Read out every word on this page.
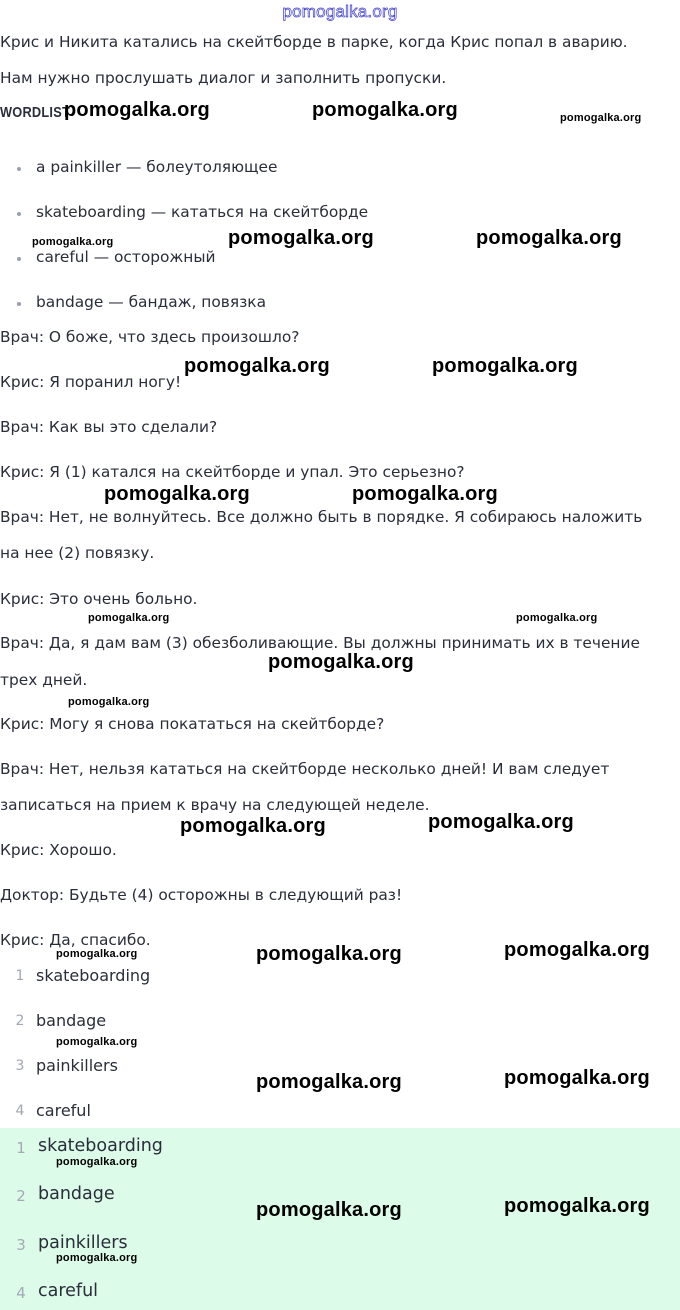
pomogalka.org

Крис и Никита катались на скейтборде в парке, когда Крис попал в аварию.

Нам нужно прослушать диалог и заполнить пропуски.

WORDLIST
a painkiller — болеутоляющее
skateboarding — кататься на скейтборде
careful — осторожный
bandage — бандаж, повязка

Врач: О боже, что здесь произошло?

Крис: Я поранил ногу!

Врач: Как вы это сделали?

Крис: Я (1) катался на скейтборде и упал. Это серьезно?

Врач: Нет, не волнуйтесь. Все должно быть в порядке. Я собираюсь наложить

на нее (2) повязку.

Крис: Это очень больно.

Врач: Да, я дам вам (3) обезболивающие. Вы должны принимать их в течение

трех дней.

Крис: Могу я снова покататься на скейтборде?

Врач: Нет, нельзя кататься на скейтборде несколько дней! И вам следует

записаться на прием к врачу на следующей неделе.

Крис: Хорошо.

Доктор: Будьте (4) осторожны в следующий раз!

Крис: Да, спасибо.

1 skateboarding
2 bandage
3 painkillers
4 careful
1 skateboarding
2 bandage
3 painkillers
4 careful
pomogalka.org	pomogalka.org	pomogalka.org
pomogalka.org	pomogalka.org	pomogalka.org
pomogalka.org	pomogalka.org
pomogalka.org	pomogalka.org
pomogalka.org	pomogalka.org
pomogalka.org
pomogalka.org
pomogalka.org	pomogalka.org
pomogalka.org	pomogalka.org	pomogalka.org
pomogalka.org
pomogalka.org	pomogalka.org
pomogalka.org
pomogalka.org	pomogalka.org
pomogalka.org
